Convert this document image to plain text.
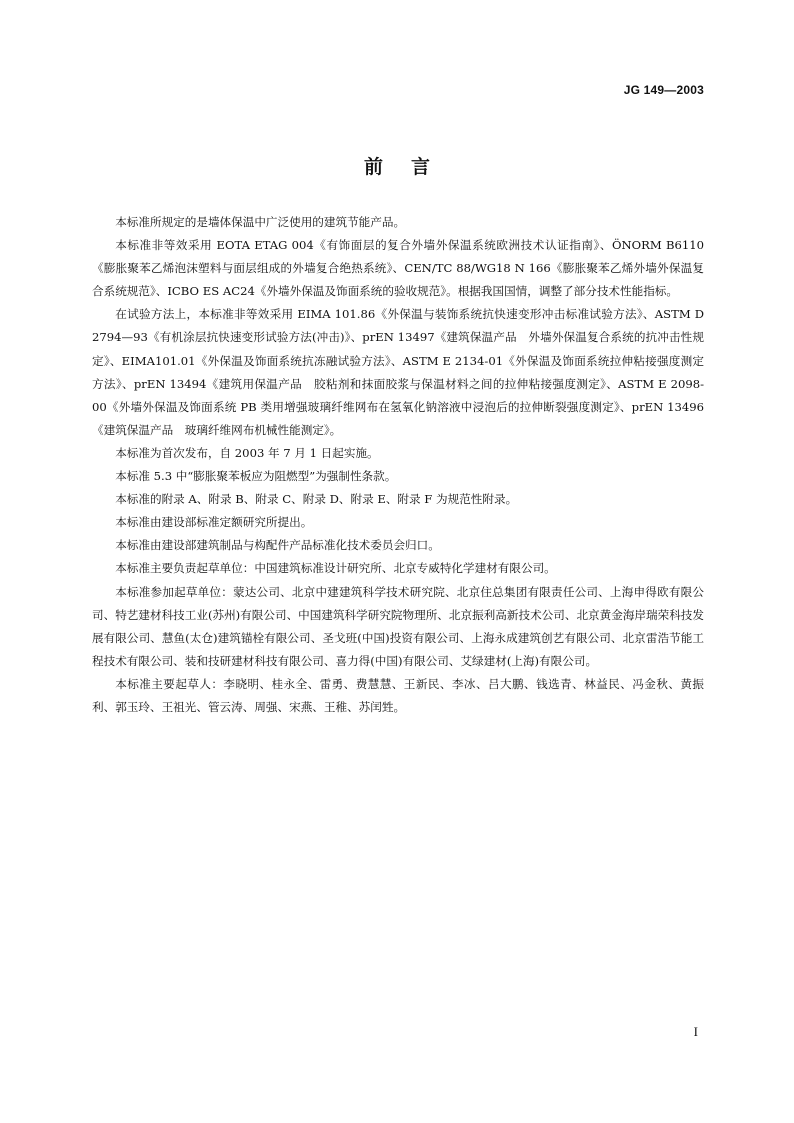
JG 149—2003
前言

本标准所规定的是墙体保温中广泛使用的建筑节能产品。

本标准非等效采用 EOTA ETAG 004《有饰面层的复合外墙外保温系统欧洲技术认证指南》、ÖNORM B6110《膨胀聚苯乙烯泡沫塑料与面层组成的外墙复合绝热系统》、CEN/TC 88/WG18 N 166《膨胀聚苯乙烯外墙外保温复合系统规范》、ICBO ES AC24《外墙外保温及饰面系统的验收规范》。根据我国国情，调整了部分技术性能指标。

在试验方法上，本标准非等效采用 EIMA 101.86《外保温与装饰系统抗快速变形冲击标准试验方法》、ASTM D 2794—93《有机涂层抗快速变形试验方法(冲击)》、prEN 13497《建筑保温产品　外墙外保温复合系统的抗冲击性规定》、EIMA101.01《外保温及饰面系统抗冻融试验方法》、ASTM E 2134-01《外保温及饰面系统拉伸粘接强度测定方法》、prEN 13494《建筑用保温产品　胶粘剂和抹面胶浆与保温材料之间的拉伸粘接强度测定》、ASTM E 2098-00《外墙外保温及饰面系统 PB 类用增强玻璃纤维网布在氢氧化钠溶液中浸泡后的拉伸断裂强度测定》、prEN 13496《建筑保温产品　玻璃纤维网布机械性能测定》。

本标准为首次发布，自 2003 年 7 月 1 日起实施。

本标准 5.3 中“膨胀聚苯板应为阻燃型”为强制性条款。

本标准的附录 A、附录 B、附录 C、附录 D、附录 E、附录 F 为规范性附录。

本标准由建设部标准定额研究所提出。

本标准由建设部建筑制品与构配件产品标准化技术委员会归口。

本标准主要负责起草单位：中国建筑标准设计研究所、北京专威特化学建材有限公司。

本标准参加起草单位：蒙达公司、北京中建建筑科学技术研究院、北京住总集团有限责任公司、上海申得欧有限公司、特艺建材科技工业(苏州)有限公司、中国建筑科学研究院物理所、北京振利高新技术公司、北京黄金海岸瑞荣科技发展有限公司、慧鱼(太仓)建筑锚栓有限公司、圣戈班(中国)投资有限公司、上海永成建筑创艺有限公司、北京雷浩节能工程技术有限公司、装和技研建材科技有限公司、喜力得(中国)有限公司、艾绿建材(上海)有限公司。

本标准主要起草人：李晓明、桂永全、雷勇、费慧慧、王新民、李冰、吕大鹏、钱选青、林益民、冯金秋、黄振利、郭玉玲、王祖光、管云涛、周强、宋燕、王稚、苏闰甡。

I
